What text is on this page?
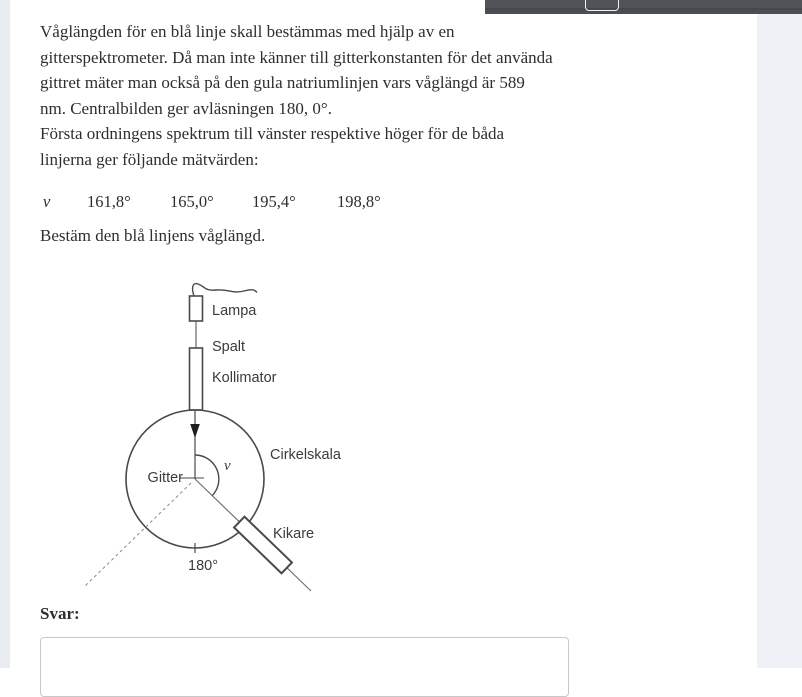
Våglängden för en blå linje skall bestämmas med hjälp av en
gitterspektrometer. Då man inte känner till gitterkonstanten för det använda
gittret mäter man också på den gula natriumlinjen vars våglängd är 589
nm. Centralbilden ger avläsningen 180, 0°.
Första ordningens spektrum till vänster respektive höger för de båda
linjerna ger följande mätvärden:
v 161,8° 165,0° 195,4°	198,8°
Bestäm den blå linjens våglängd.
Lampa
Spalt
Kollimator
Gitter
v
Cirkelskala
Kikare
180°
Svar:
